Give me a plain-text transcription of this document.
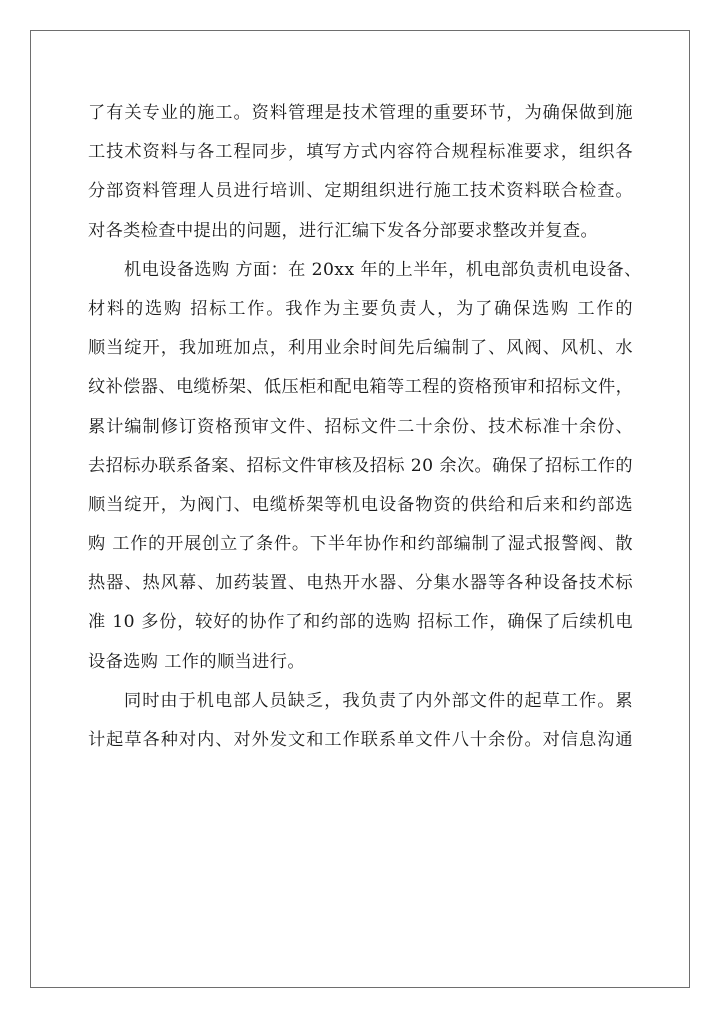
了有关专业的施工。资料管理是技术管理的重要环节，为确保做到施
工技术资料与各工程同步，填写方式内容符合规程标准要求，组织各
分部资料管理人员进行培训、定期组织进行施工技术资料联合检查。
对各类检查中提出的问题，进行汇编下发各分部要求整改并复查。
机电设备选购 方面：在 20xx 年的上半年，机电部负责机电设备、
材料的选购 招标工作。我作为主要负责人，为了确保选购 工作的
顺当绽开，我加班加点，利用业余时间先后编制了、风阀、风机、水
纹补偿器、电缆桥架、低压柜和配电箱等工程的资格预审和招标文件，
累计编制修订资格预审文件、招标文件二十余份、技术标准十余份、
去招标办联系备案、招标文件审核及招标 20 余次。确保了招标工作的
顺当绽开，为阀门、电缆桥架等机电设备物资的供给和后来和约部选
购 工作的开展创立了条件。下半年协作和约部编制了湿式报警阀、散
热器、热风幕、加药装置、电热开水器、分集水器等各种设备技术标
准 10 多份，较好的协作了和约部的选购 招标工作，确保了后续机电
设备选购 工作的顺当进行。
同时由于机电部人员缺乏，我负责了内外部文件的起草工作。累
计起草各种对内、对外发文和工作联系单文件八十余份。对信息沟通
